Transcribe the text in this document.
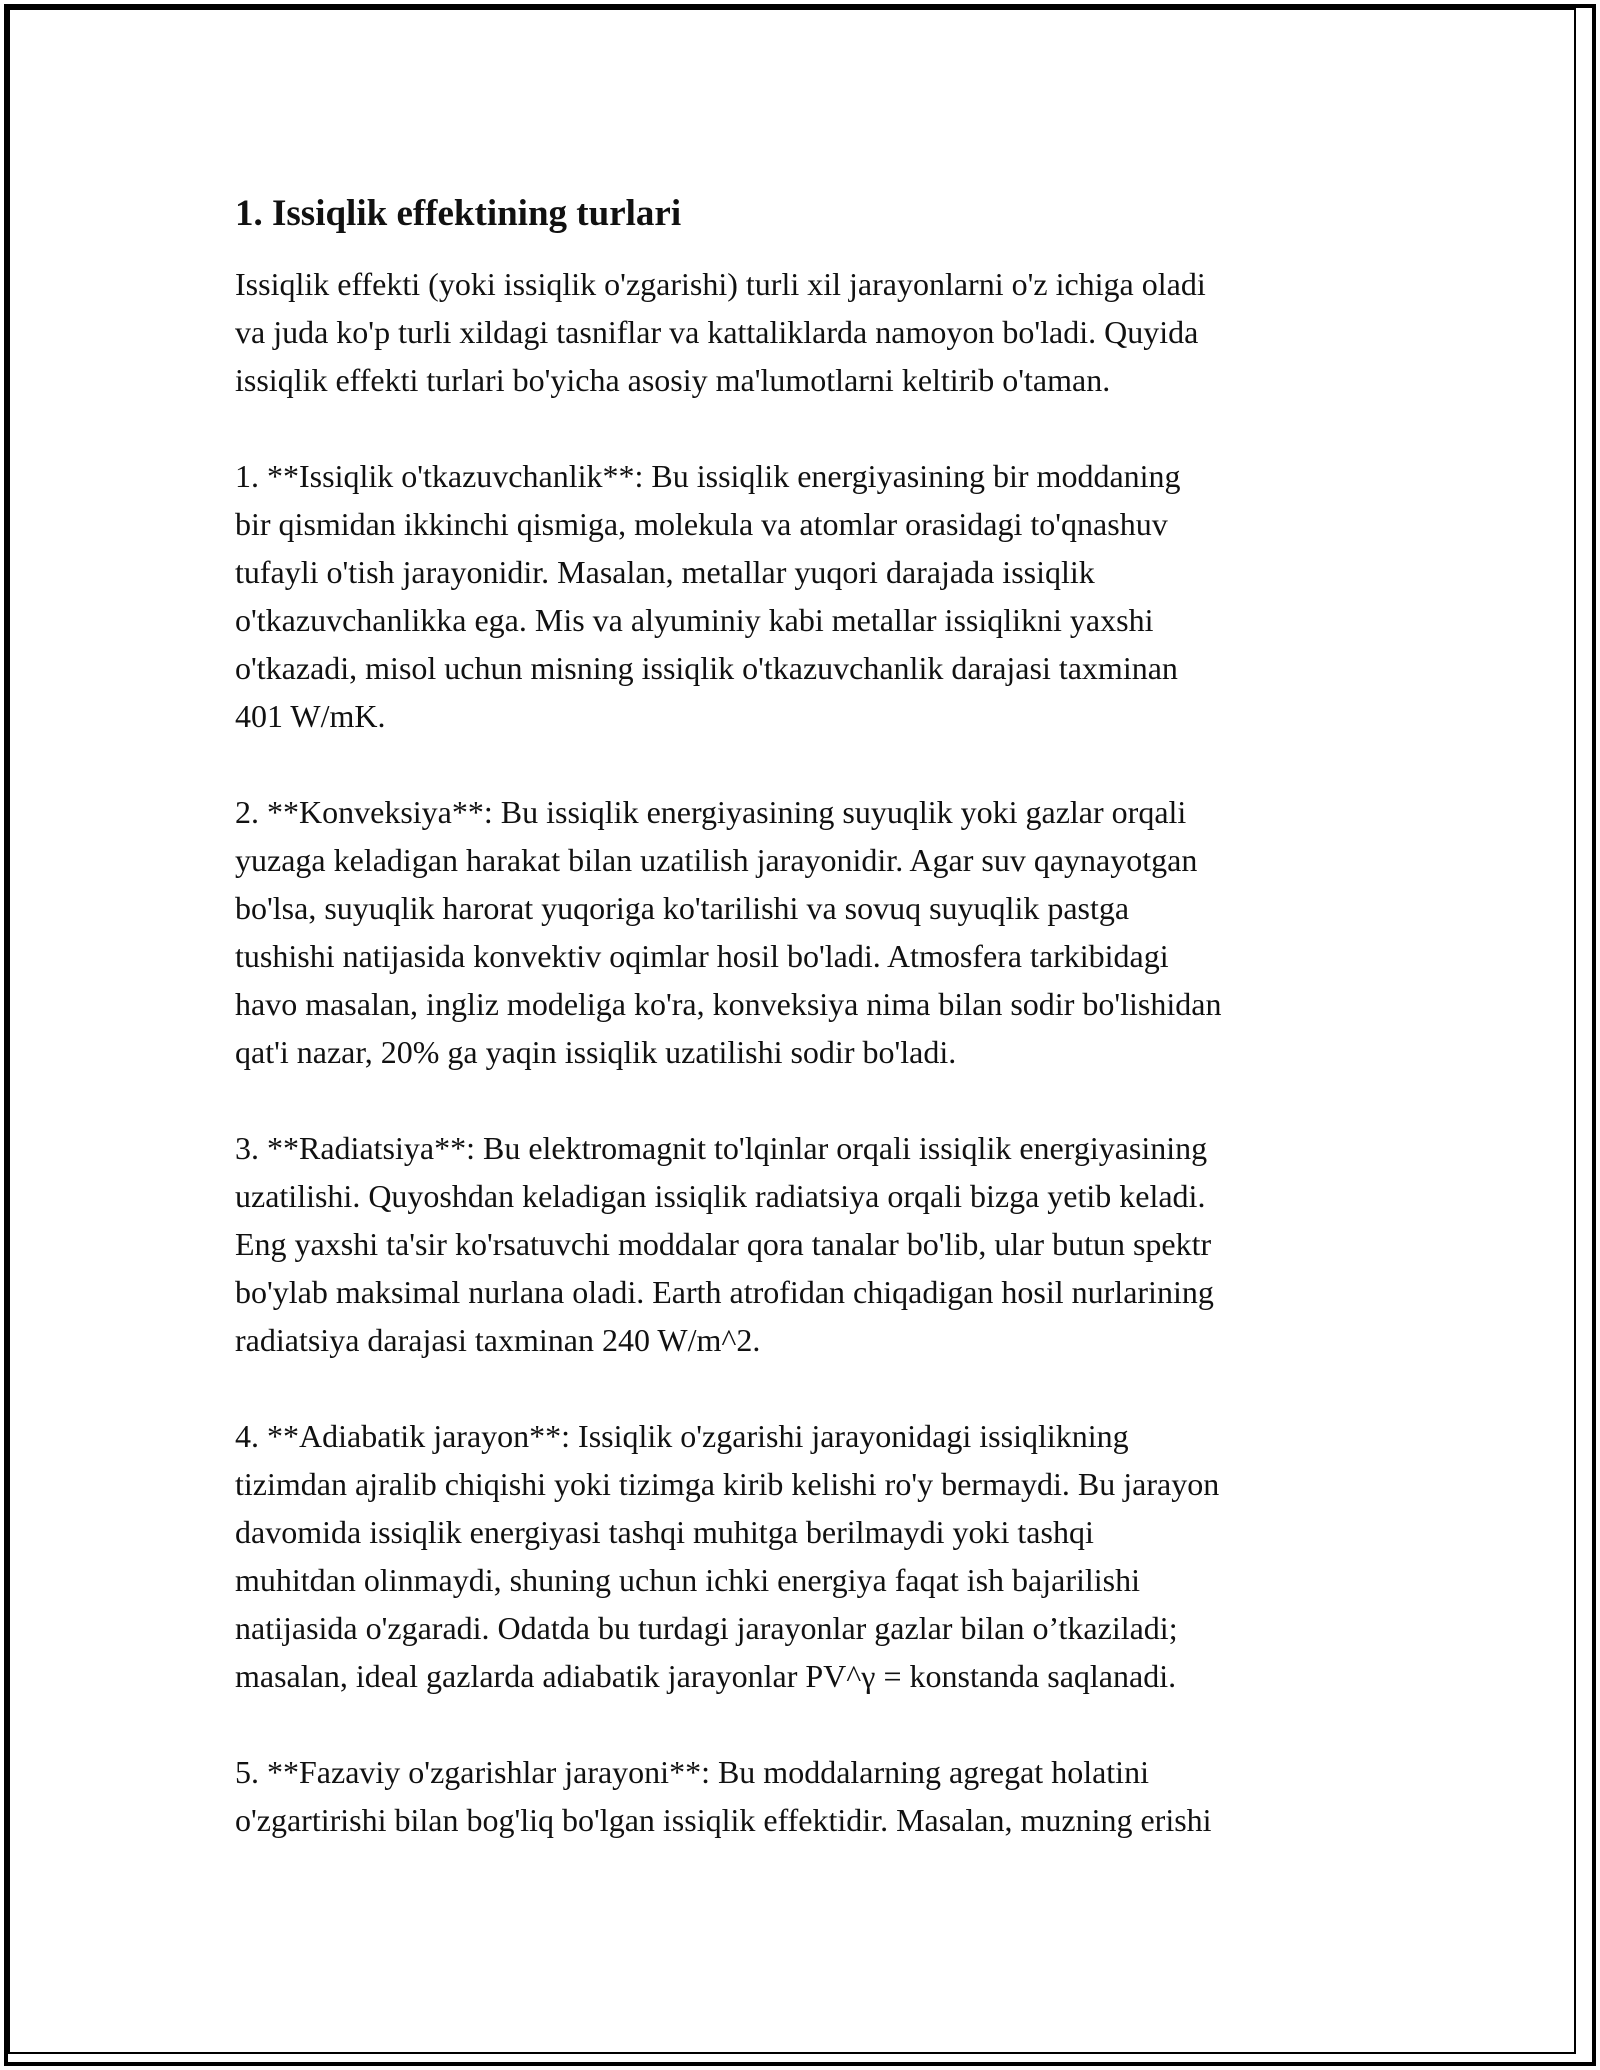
1. Issiqlik effektining turlari

Issiqlik effekti (yoki issiqlik o'zgarishi) turli xil jarayonlarni o'z ichiga oladi
va juda ko'p turli xildagi tasniflar va kattaliklarda namoyon bo'ladi. Quyida
issiqlik effekti turlari bo'yicha asosiy ma'lumotlarni keltirib o'taman.

1. **Issiqlik o'tkazuvchanlik**: Bu issiqlik energiyasining bir moddaning
bir qismidan ikkinchi qismiga, molekula va atomlar orasidagi to'qnashuv
tufayli o'tish jarayonidir. Masalan, metallar yuqori darajada issiqlik
o'tkazuvchanlikka ega. Mis va alyuminiy kabi metallar issiqlikni yaxshi
o'tkazadi, misol uchun misning issiqlik o'tkazuvchanlik darajasi taxminan
401 W/mK.

2. **Konveksiya**: Bu issiqlik energiyasining suyuqlik yoki gazlar orqali
yuzaga keladigan harakat bilan uzatilish jarayonidir. Agar suv qaynayotgan
bo'lsa, suyuqlik harorat yuqoriga ko'tarilishi va sovuq suyuqlik pastga
tushishi natijasida konvektiv oqimlar hosil bo'ladi. Atmosfera tarkibidagi
havo masalan, ingliz modeliga ko'ra, konveksiya nima bilan sodir bo'lishidan
qat'i nazar, 20% ga yaqin issiqlik uzatilishi sodir bo'ladi.

3. **Radiatsiya**: Bu elektromagnit to'lqinlar orqali issiqlik energiyasining
uzatilishi. Quyoshdan keladigan issiqlik radiatsiya orqali bizga yetib keladi.
Eng yaxshi ta'sir ko'rsatuvchi moddalar qora tanalar bo'lib, ular butun spektr
bo'ylab maksimal nurlana oladi. Earth atrofidan chiqadigan hosil nurlarining
radiatsiya darajasi taxminan 240 W/m^2.

4. **Adiabatik jarayon**: Issiqlik o'zgarishi jarayonidagi issiqlikning
tizimdan ajralib chiqishi yoki tizimga kirib kelishi ro'y bermaydi. Bu jarayon
davomida issiqlik energiyasi tashqi muhitga berilmaydi yoki tashqi
muhitdan olinmaydi, shuning uchun ichki energiya faqat ish bajarilishi
natijasida o'zgaradi. Odatda bu turdagi jarayonlar gazlar bilan o’tkaziladi;
masalan, ideal gazlarda adiabatik jarayonlar PV^γ = konstanda saqlanadi.

5. **Fazaviy o'zgarishlar jarayoni**: Bu moddalarning agregat holatini
o'zgartirishi bilan bog'liq bo'lgan issiqlik effektidir. Masalan, muzning erishi
